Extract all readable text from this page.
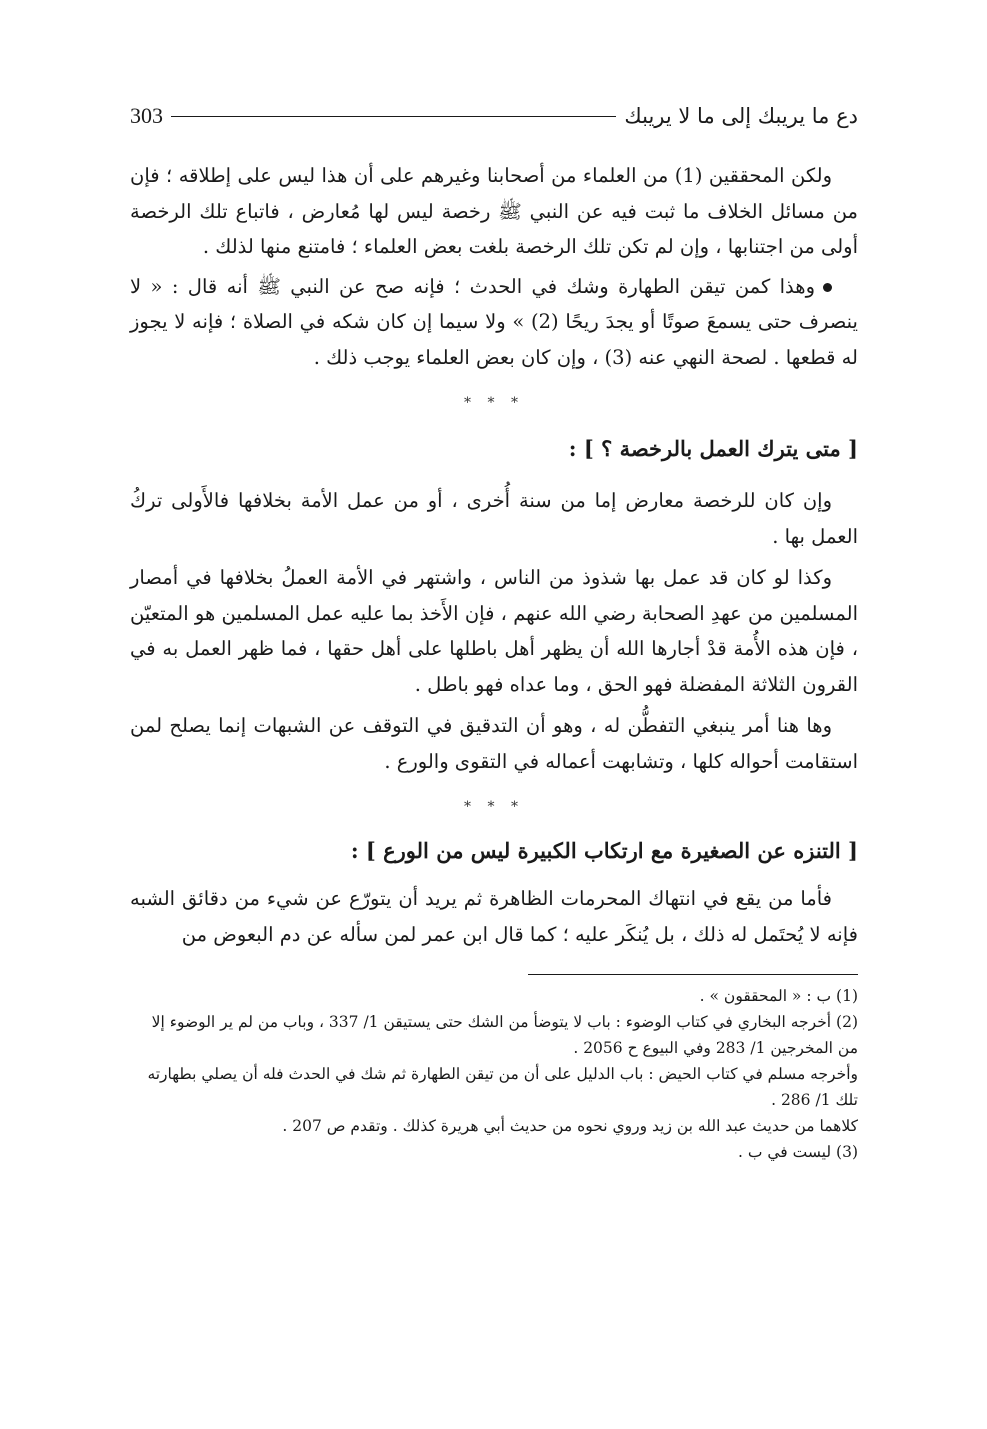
دع ما يريبك إلى ما لا يريبك
303

ولكن المحققين (1) من العلماء من أصحابنا وغيرهم على أن هذا ليس على إطلاقه ؛ فإن من مسائل الخلاف ما ثبت فيه عن النبي ﷺ رخصة ليس لها مُعارض ، فاتباع تلك الرخصة أولى من اجتنابها ، وإن لم تكن تلك الرخصة بلغت بعض العلماء ؛ فامتنع منها لذلك .

وهذا كمن تيقن الطهارة وشك في الحدث ؛ فإنه صح عن النبي ﷺ أنه قال : « لا ينصرف حتى يسمعَ صوتًا أو يجدَ ريحًا (2) » ولا سيما إن كان شكه في الصلاة ؛ فإنه لا يجوز له قطعها . لصحة النهي عنه (3) ، وإن كان بعض العلماء يوجب ذلك .

* * *

[ متى يترك العمل بالرخصة ؟ ] :

وإن كان للرخصة معارض إما من سنة أُخرى ، أو من عمل الأمة بخلافها فالأَولى تركُ العمل بها .

وكذا لو كان قد عمل بها شذوذ من الناس ، واشتهر في الأمة العملُ بخلافها في أمصار المسلمين من عهدِ الصحابة رضي الله عنهم ، فإن الأَخذ بما عليه عمل المسلمين هو المتعيّن ، فإن هذه الأُمة قدْ أجارها الله أن يظهر أهل باطلها على أهل حقها ، فما ظهر العمل به في القرون الثلاثة المفضلة فهو الحق ، وما عداه فهو باطل .

وها هنا أمر ينبغي التفطُّن له ، وهو أن التدقيق في التوقف عن الشبهات إنما يصلح لمن استقامت أحواله كلها ، وتشابهت أعماله في التقوى والورع .

* * *

[ التنزه عن الصغيرة مع ارتكاب الكبيرة ليس من الورع ] :

فأما من يقع في انتهاك المحرمات الظاهرة ثم يريد أن يتورّع عن شيء من دقائق الشبه فإنه لا يُحتَمل له ذلك ، بل يُنكَر عليه ؛ كما قال ابن عمر لمن سأله عن دم البعوض من

(1) ب : « المحققون » .

(2) أخرجه البخاري في كتاب الوضوء : باب لا يتوضأ من الشك حتى يستيقن 1/ 337 ، وباب من لم ير الوضوء إلا من المخرجين 1/ 283 وفي البيوع ح 2056 .

وأخرجه مسلم في كتاب الحيض : باب الدليل على أن من تيقن الطهارة ثم شك في الحدث فله أن يصلي بطهارته تلك 1/ 286 .

كلاهما من حديث عبد الله بن زيد وروي نحوه من حديث أبي هريرة كذلك . وتقدم ص 207 .

(3) ليست في ب .
